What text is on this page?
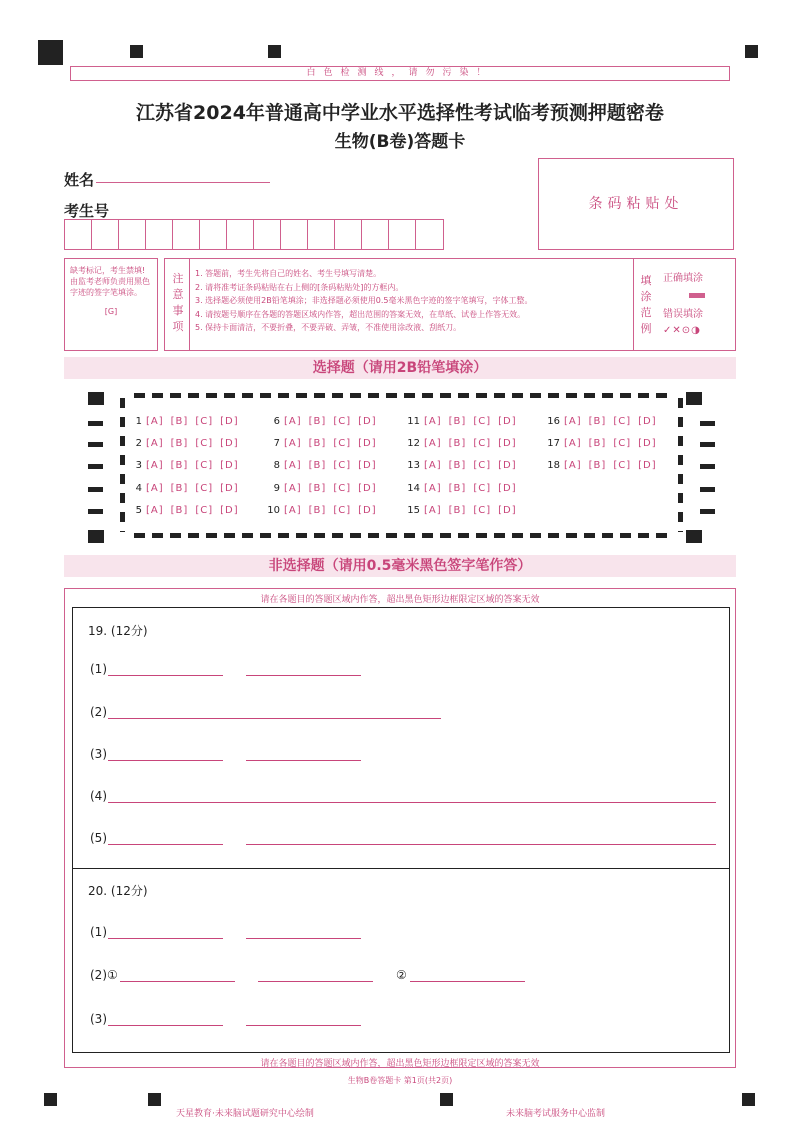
白色检测线，请勿污染！
江苏省2024年普通高中学业水平选择性考试临考预测押题密卷
生物(B卷)答题卡
姓名
考生号	条码粘贴处
缺考标记，考生禁填!由监考老师负责用黑色字迹的签字笔填涂。
[G]
注意事项
1. 答题前，考生先将自己的姓名、考生号填写清楚。
2. 请将准考证条码粘贴在右上侧的[条码粘贴处]的方框内。
3. 选择题必须使用2B铅笔填涂；非选择题必须使用0.5毫米黑色字迹的签字笔填写，字体工整。
4. 请按题号顺序在各题的答题区域内作答，超出范围的答案无效，在草纸、试卷上作答无效。
5. 保持卡面清洁，不要折叠，不要弄破、弄皱，不准使用涂改液、刮纸刀。
填涂范例
正确填涂
错误填涂
✓✕⊙◑
选择题（请用2B铅笔填涂）
1 [A] [B] [C] [D]
2 [A] [B] [C] [D]
3 [A] [B] [C] [D]
4 [A] [B] [C] [D]
5 [A] [B] [C] [D]
6 [A] [B] [C] [D]
7 [A] [B] [C] [D]
8 [A] [B] [C] [D]
9 [A] [B] [C] [D]
10 [A] [B] [C] [D]
11 [A] [B] [C] [D]
12 [A] [B] [C] [D]
13 [A] [B] [C] [D]
14 [A] [B] [C] [D]
15 [A] [B] [C] [D]
16 [A] [B] [C] [D]
17 [A] [B] [C] [D]
18 [A] [B] [C] [D]
非选择题（请用0.5毫米黑色签字笔作答）
请在各题目的答题区域内作答，超出黑色矩形边框限定区域的答案无效
19. (12分)
(1)
(2)
(3)
(4)
(5)
20. (12分)
(1)
(2)①	②
(3)
请在各题目的答题区域内作答，超出黑色矩形边框限定区域的答案无效
生物B卷答题卡 第1页(共2页)
天星教育·未来脑试题研究中心绘制	未来脑考试服务中心监制
